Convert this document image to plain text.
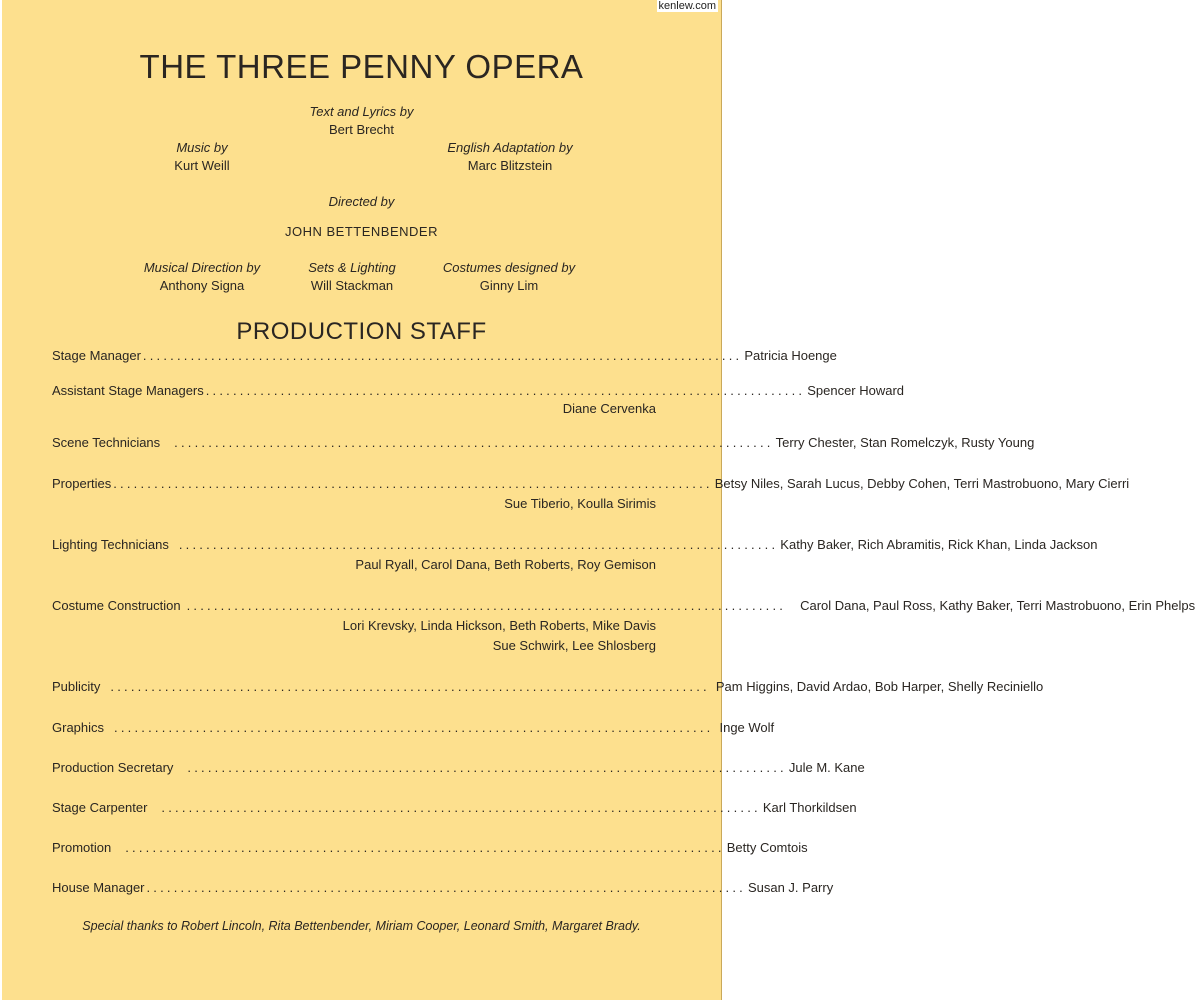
THE THREE PENNY OPERA
Text and Lyrics by
Bert Brecht
Music by
Kurt Weill
English Adaptation by
Marc Blitzstein
Directed by
JOHN BETTENBENDER
Musical Direction by
Anthony Signa
Sets & Lighting
Will Stackman
Costumes designed by
Ginny Lim
PRODUCTION STAFF
Stage Manager ........................................................................................ Patricia Hoenge
Assistant Stage Managers ........................................................................................ Spencer Howard
Diane Cervenka
Scene Technicians	........................................................................................ Terry Chester, Stan Romelczyk, Rusty Young
Properties ........................................................................................ Betsy Niles, Sarah Lucus, Debby Cohen, Terri Mastrobuono, Mary Cierri
Sue Tiberio, Koulla Sirimis
Lighting Technicians ........................................................................................ Kathy Baker, Rich Abramitis, Rick Khan, Linda Jackson
Paul Ryall, Carol Dana, Beth Roberts, Roy Gemison
Costume Construction ........................................................................................	Carol Dana, Paul Ross, Kathy Baker, Terri Mastrobuono, Erin Phelps
Lori Krevsky, Linda Hickson, Beth Roberts, Mike Davis
Sue Schwirk, Lee Shlosberg
Publicity ........................................................................................ Pam Higgins, David Ardao, Bob Harper, Shelly Reciniello
Graphics ........................................................................................ Inge Wolf
Production Secretary	........................................................................................ Jule M. Kane
Stage Carpenter	........................................................................................ Karl Thorkildsen
Promotion	........................................................................................ Betty Comtois
House Manager ........................................................................................ Susan J. Parry
Special thanks to Robert Lincoln, Rita Bettenbender, Miriam Cooper, Leonard Smith, Margaret Brady.
kenlew.com
